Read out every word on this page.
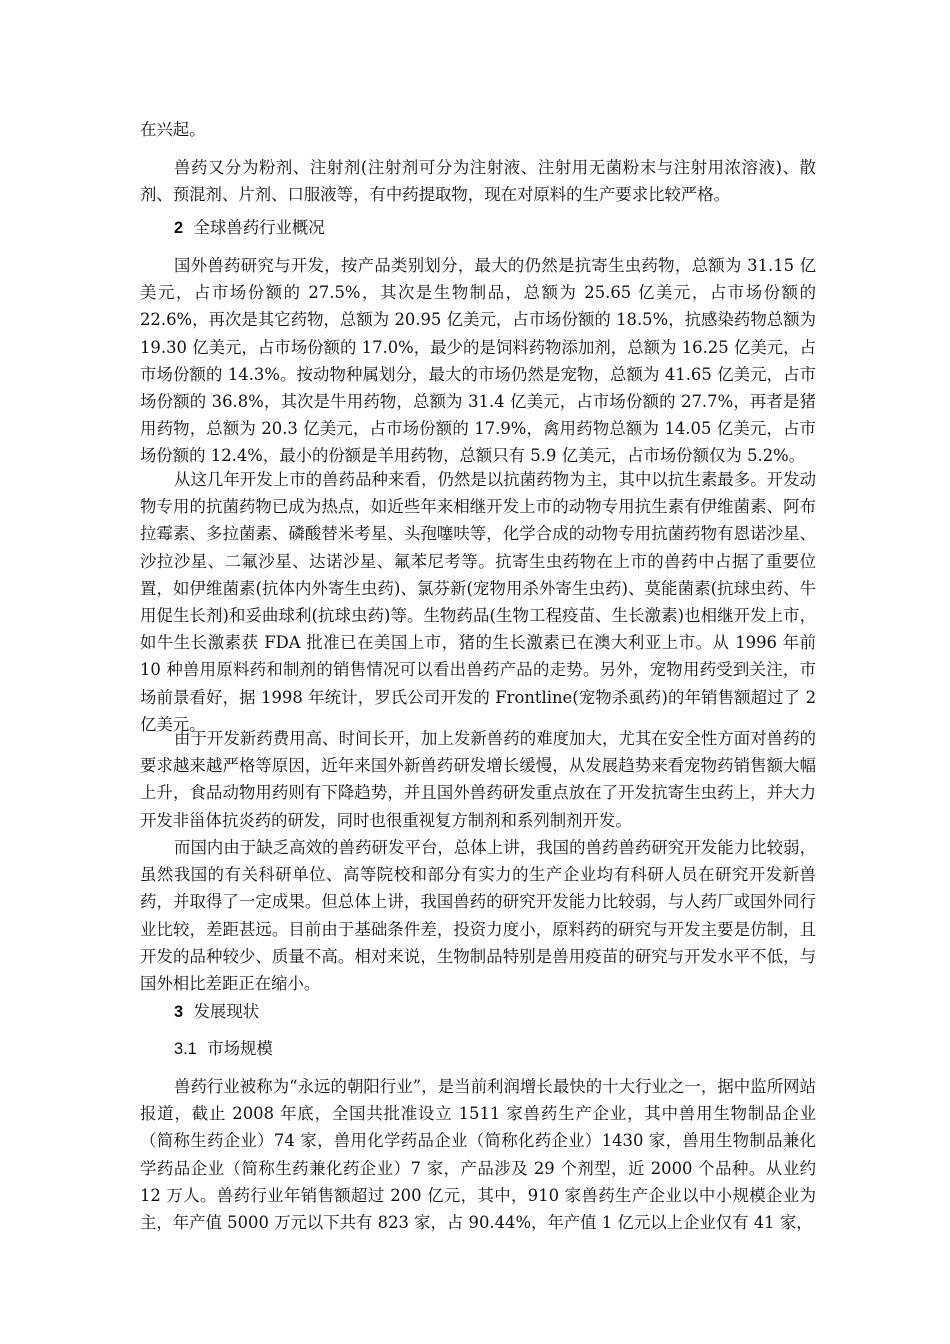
在兴起。

兽药又分为粉剂、注射剂(注射剂可分为注射液、注射用无菌粉末与注射用浓溶液)、散剂、预混剂、片剂、口服液等，有中药提取物，现在对原料的生产要求比较严格。

2 全球兽药行业概况

国外兽药研究与开发，按产品类别划分，最大的仍然是抗寄生虫药物，总额为 31.15 亿美元，占市场份额的 27.5%，其次是生物制品，总额为 25.65 亿美元，占市场份额的 22.6%，再次是其它药物，总额为 20.95 亿美元，占市场份额的 18.5%，抗感染药物总额为 19.30 亿美元，占市场份额的 17.0%，最少的是饲料药物添加剂，总额为 16.25 亿美元，占市场份额的 14.3%。按动物种属划分，最大的市场仍然是宠物，总额为 41.65 亿美元，占市场份额的 36.8%，其次是牛用药物，总额为 31.4 亿美元，占市场份额的 27.7%，再者是猪用药物，总额为 20.3 亿美元，占市场份额的 17.9%，禽用药物总额为 14.05 亿美元，占市场份额的 12.4%，最小的份额是羊用药物，总额只有 5.9 亿美元，占市场份额仅为 5.2%。

从这几年开发上市的兽药品种来看，仍然是以抗菌药物为主，其中以抗生素最多。开发动物专用的抗菌药物已成为热点，如近些年来相继开发上市的动物专用抗生素有伊维菌素、阿布拉霉素、多拉菌素、磷酸替米考星、头孢噻呋等，化学合成的动物专用抗菌药物有恩诺沙星、沙拉沙星、二氟沙星、达诺沙星、氟苯尼考等。抗寄生虫药物在上市的兽药中占据了重要位置，如伊维菌素(抗体内外寄生虫药)、氯芬新(宠物用杀外寄生虫药)、莫能菌素(抗球虫药、牛用促生长剂)和妥曲球利(抗球虫药)等。生物药品(生物工程疫苗、生长激素)也相继开发上市，如牛生长激素获 FDA 批准已在美国上市，猪的生长激素已在澳大利亚上市。从 1996 年前 10 种兽用原料药和制剂的销售情况可以看出兽药产品的走势。另外，宠物用药受到关注，市场前景看好，据 1998 年统计，罗氏公司开发的 Frontline(宠物杀虱药)的年销售额超过了 2 亿美元。

由于开发新药费用高、时间长开，加上发新兽药的难度加大，尤其在安全性方面对兽药的要求越来越严格等原因，近年来国外新兽药研发增长缓慢，从发展趋势来看宠物药销售额大幅上升，食品动物用药则有下降趋势，并且国外兽药研发重点放在了开发抗寄生虫药上，并大力开发非甾体抗炎药的研发，同时也很重视复方制剂和系列制剂开发。

而国内由于缺乏高效的兽药研发平台，总体上讲，我国的兽药兽药研究开发能力比较弱，虽然我国的有关科研单位、高等院校和部分有实力的生产企业均有科研人员在研究开发新兽药，并取得了一定成果。但总体上讲，我国兽药的研究开发能力比较弱，与人药厂或国外同行业比较，差距甚远。目前由于基础条件差，投资力度小，原料药的研究与开发主要是仿制，且开发的品种较少、质量不高。相对来说，生物制品特别是兽用疫苗的研究与开发水平不低，与国外相比差距正在缩小。

3 发展现状
3.1 市场规模

兽药行业被称为“永远的朝阳行业”，是当前利润增长最快的十大行业之一，据中监所网站报道，截止 2008 年底，全国共批准设立 1511 家兽药生产企业，其中兽用生物制品企业（简称生药企业）74 家，兽用化学药品企业（简称化药企业）1430 家，兽用生物制品兼化学药品企业（简称生药兼化药企业）7 家，产品涉及 29 个剂型，近 2000 个品种。从业约 12 万人。兽药行业年销售额超过 200 亿元，其中，910 家兽药生产企业以中小规模企业为主，年产值 5000 万元以下共有 823 家，占 90.44%，年产值 1 亿元以上企业仅有 41 家，
